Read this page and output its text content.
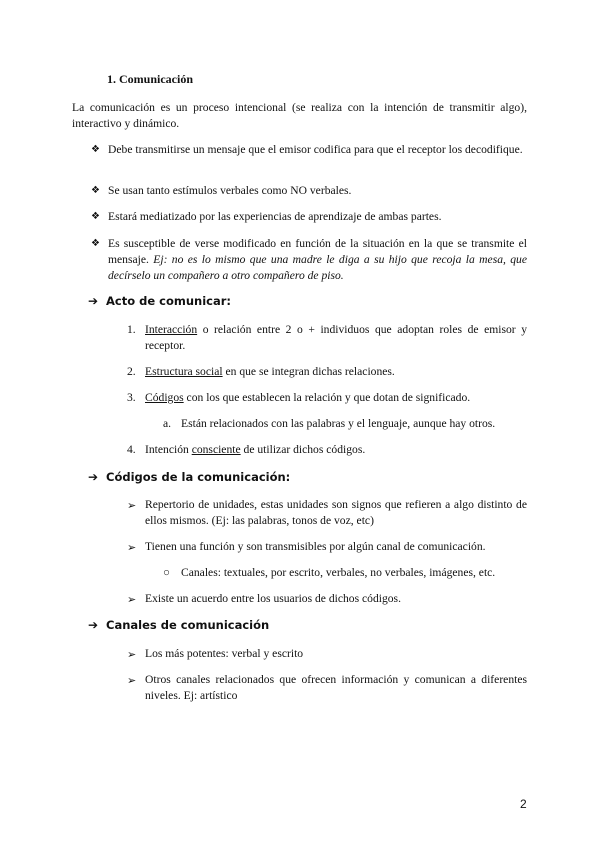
1. Comunicación
La comunicación es un proceso intencional (se realiza con la intención de transmitir algo), interactivo y dinámico.
❖ Debe transmitirse un mensaje que el emisor codifica para que el receptor los decodifique.
❖ Se usan tanto estímulos verbales como NO verbales.
❖ Estará mediatizado por las experiencias de aprendizaje de ambas partes.
❖ Es susceptible de verse modificado en función de la situación en la que se transmite el mensaje. Ej: no es lo mismo que una madre le diga a su hijo que recoja la mesa, que decírselo un compañero a otro compañero de piso.
➔ Acto de comunicar:
1. Interacción o relación entre 2 o + individuos que adoptan roles de emisor y receptor.
2. Estructura social en que se integran dichas relaciones.
3. Códigos con los que establecen la relación y que dotan de significado.
a. Están relacionados con las palabras y el lenguaje, aunque hay otros.
4. Intención consciente de utilizar dichos códigos.
➔ Códigos de la comunicación:
➢ Repertorio de unidades, estas unidades son signos que refieren a algo distinto de ellos mismos. (Ej: las palabras, tonos de voz, etc)
➢ Tienen una función y son transmisibles por algún canal de comunicación.
○ Canales: textuales, por escrito, verbales, no verbales, imágenes, etc.
➢ Existe un acuerdo entre los usuarios de dichos códigos.
➔ Canales de comunicación
➢ Los más potentes: verbal y escrito
➢ Otros canales relacionados que ofrecen información y comunican a diferentes niveles. Ej: artístico
2
